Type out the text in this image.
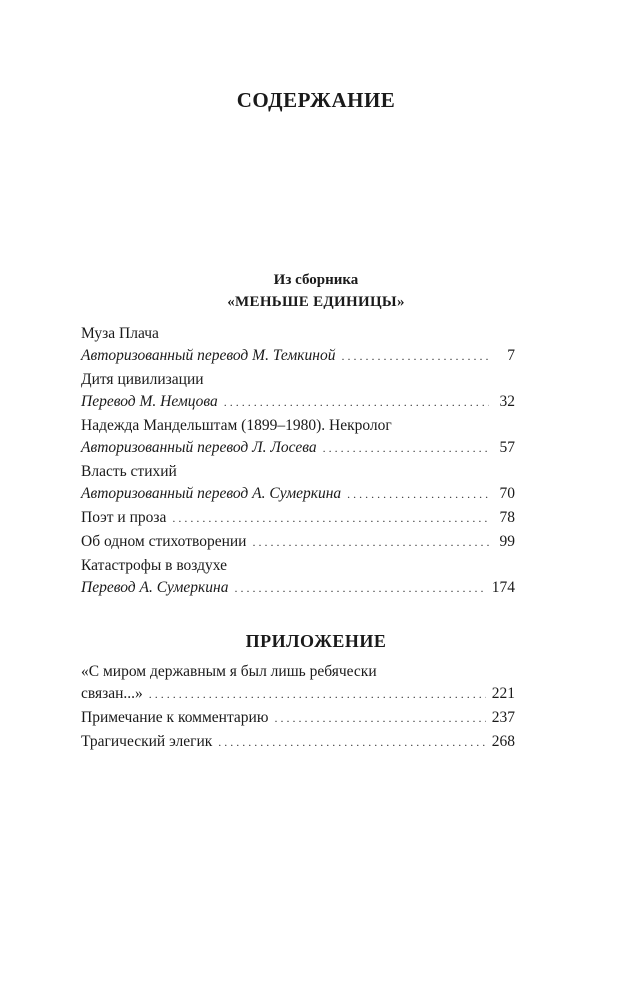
СОДЕРЖАНИЕ
Из сборника
«МЕНЬШЕ ЕДИНИЦЫ»
Муза Плача
Авторизованный перевод М. Темкиной . . .	7
Дитя цивилизации
Перевод М. Немцова . . .	32
Надежда Мандельштам (1899–1980). Некролог
Авторизованный перевод Л. Лосева . . .	57
Власть стихий
Авторизованный перевод А. Сумеркина . . .	70
Поэт и проза . . .	78
Об одном стихотворении . . .	99
Катастрофы в воздухе
Перевод А. Сумеркина . . .	174
ПРИЛОЖЕНИЕ
«С миром державным я был лишь ребячески
связан...» . . .	221
Примечание к комментарию . . .	237
Трагический элегик . . .	268
